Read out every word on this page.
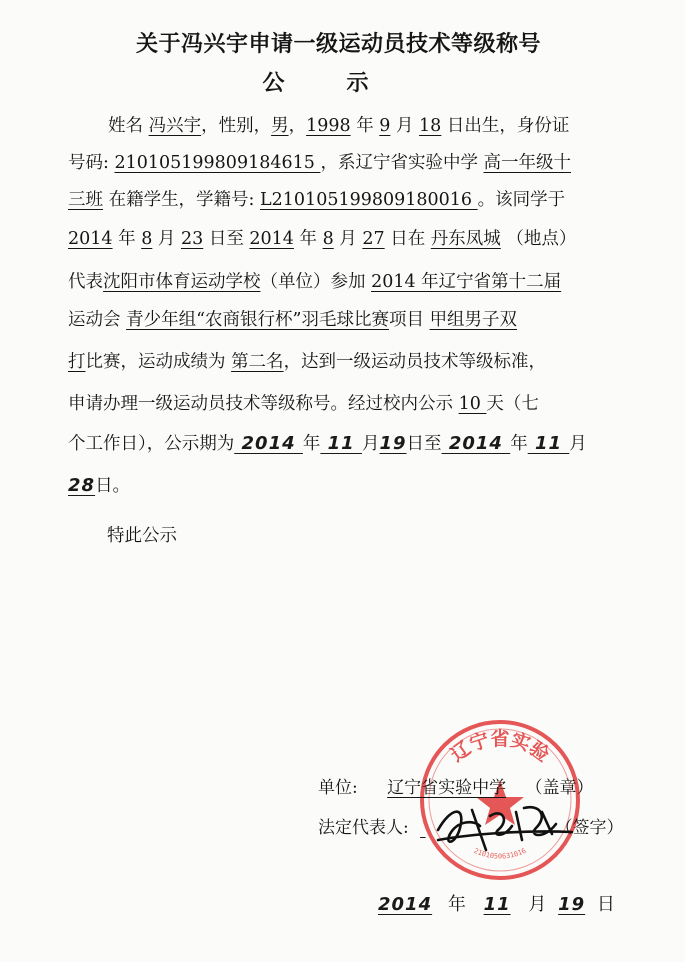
关于冯兴宇申请一级运动员技术等级称号
公示
姓名 冯兴宇，性别，男，1998 年 9 月 18 日出生，身份证
号码: 210105199809184615 ，系辽宁省实验中学 高一年级十
三班 在籍学生，学籍号: L210105199809180016 。该同学于
2014 年 8 月 23 日至 2014 年 8 月 27 日在 丹东凤城 （地点）
代表沈阳市体育运动学校（单位）参加 2014 年辽宁省第十二届
运动会 青少年组“农商银行杯”羽毛球比赛项目 甲组男子双
打比赛，运动成绩为 第二名，达到一级运动员技术等级标准，
申请办理一级运动员技术等级称号。经过校内公示 10 天（七
个工作日），公示期为 2014 年 11 月19日至 2014 年 11 月
28日。
特此公示
辽宁省实验
2101050631016
单位: 辽宁省实验中学 （盖章）
法定代表人:	（签字）
2014 年 11 月 19 日
